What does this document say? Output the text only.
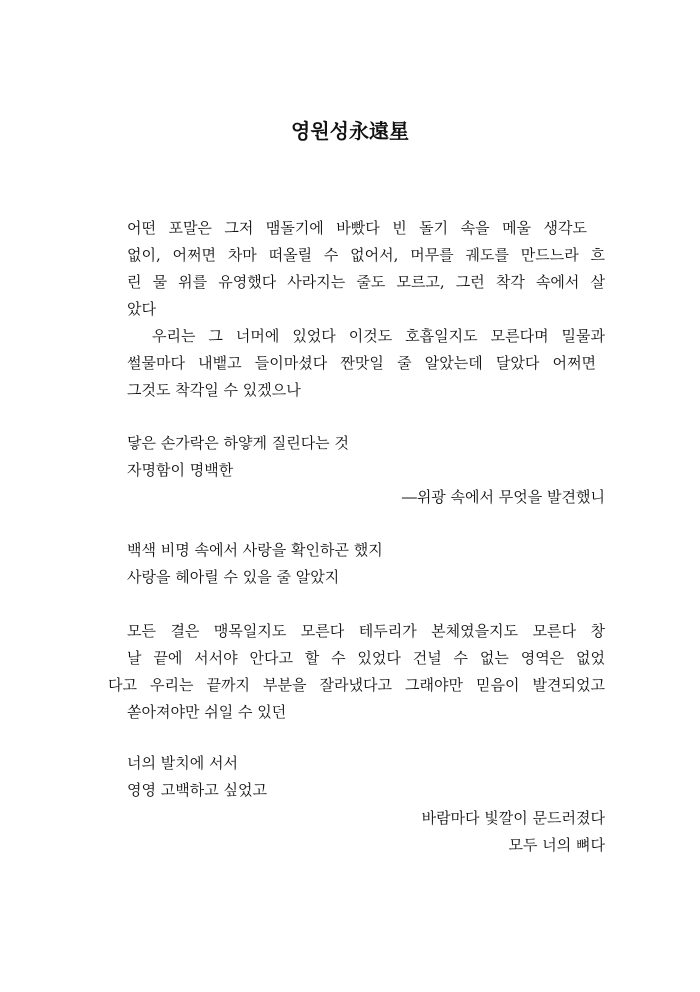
영원성永遠星
어떤 포말은 그저 맴돌기에 바빴다 빈 돌기 속을 메울 생각도
없이, 어쩌면 차마 떠올릴 수 없어서, 머무를 궤도를 만드느라 흐
린 물 위를 유영했다 사라지는 줄도 모르고, 그런 착각 속에서 살
았다
우리는 그 너머에 있었다 이것도 호흡일지도 모른다며 밀물과
썰물마다 내뱉고 들이마셨다 짠맛일 줄 알았는데 달았다 어쩌면
그것도 착각일 수 있겠으나
닿은 손가락은 하얗게 질린다는 것
자명함이 명백한
―위광 속에서 무엇을 발견했니
백색 비명 속에서 사랑을 확인하곤 했지
사랑을 헤아릴 수 있을 줄 알았지
모든 결은 맹목일지도 모른다 테두리가 본체였을지도 모른다 창
날 끝에 서서야 안다고 할 수 있었다 건널 수 없는 영역은 없었
다고 우리는 끝까지 부분을 잘라냈다고 그래야만 믿음이 발견되었고
쏟아져야만 쉬일 수 있던
너의 발치에 서서
영영 고백하고 싶었고
바람마다 빛깔이 문드러졌다
모두 너의 뼈다
